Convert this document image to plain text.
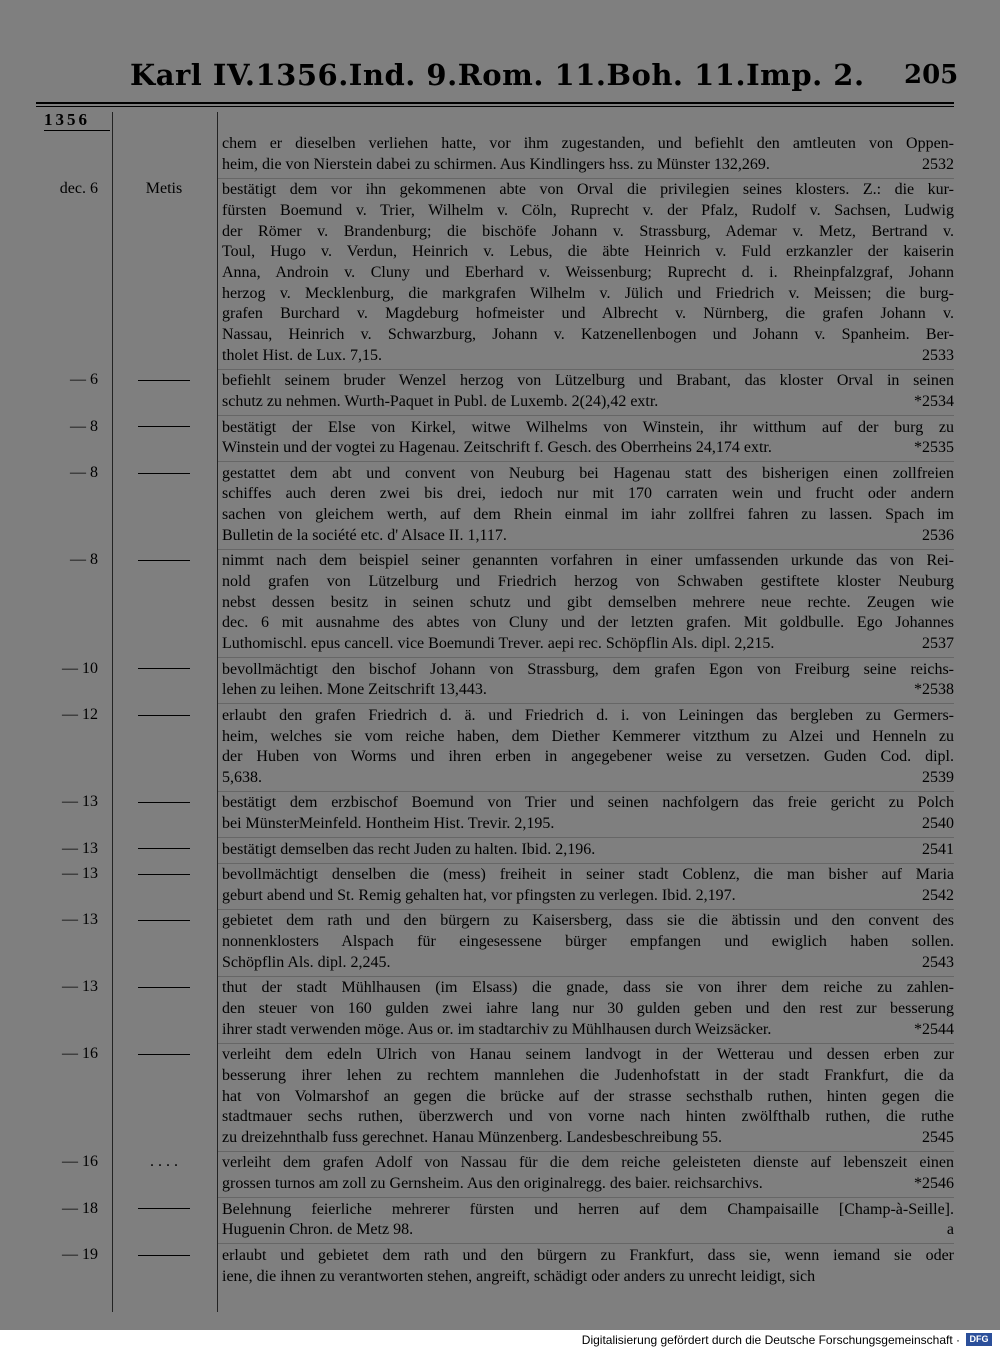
Karl IV. 1356. Ind. 9. Rom. 11. Boh. 11. Imp. 2. 205
1356
chem er dieselben verliehen hatte, vor ihm zugestanden, und befiehlt den amtleuten von Oppen-
heim, die von Nierstein dabei zu schirmen. Aus Kindlingers hss. zu Münster 132,269.	2532
dec. 6	Metis	bestätigt dem vor ihn gekommenen abte von Orval die privilegien seines klosters. Z.: die kur-
fürsten Boemund v. Trier, Wilhelm v. Cöln, Ruprecht v. der Pfalz, Rudolf v. Sachsen, Ludwig
der Römer v. Brandenburg; die bischöfe Johann v. Strassburg, Ademar v. Metz, Bertrand v.
Toul, Hugo v. Verdun, Heinrich v. Lebus, die äbte Heinrich v. Fuld erzkanzler der kaiserin
Anna, Androin v. Cluny und Eberhard v. Weissenburg; Ruprecht d. i. Rheinpfalzgraf, Johann
herzog v. Mecklenburg, die markgrafen Wilhelm v. Jülich und Friedrich v. Meissen; die burg-
grafen Burchard v. Magdeburg hofmeister und Albrecht v. Nürnberg, die grafen Johann v.
Nassau, Heinrich v. Schwarzburg, Johann v. Katzenellenbogen und Johann v. Spanheim. Ber-
tholet Hist. de Lux. 7,15.	2533
— 6	befiehlt seinem bruder Wenzel herzog von Lützelburg und Brabant, das kloster Orval in seinen
schutz zu nehmen. Wurth-Paquet in Publ. de Luxemb. 2(24),42 extr.	*2534
— 8	bestätigt der Else von Kirkel, witwe Wilhelms von Winstein, ihr witthum auf der burg zu
Winstein und der vogtei zu Hagenau. Zeitschrift f. Gesch. des Oberrheins 24,174 extr.	*2535
— 8	gestattet dem abt und convent von Neuburg bei Hagenau statt des bisherigen einen zollfreien
schiffes auch deren zwei bis drei, iedoch nur mit 170 carraten wein und frucht oder andern
sachen von gleichem werth, auf dem Rhein einmal im iahr zollfrei fahren zu lassen. Spach im
Bulletin de la société etc. d' Alsace II. 1,117.	2536
— 8	nimmt nach dem beispiel seiner genannten vorfahren in einer umfassenden urkunde das von Rei-
nold grafen von Lützelburg und Friedrich herzog von Schwaben gestiftete kloster Neuburg
nebst dessen besitz in seinen schutz und gibt demselben mehrere neue rechte. Zeugen wie
dec. 6 mit ausnahme des abtes von Cluny und der letzten grafen. Mit goldbulle. Ego Johannes
Luthomischl. epus cancell. vice Boemundi Trever. aepi rec. Schöpflin Als. dipl. 2,215.	2537
— 10	bevollmächtigt den bischof Johann von Strassburg, dem grafen Egon von Freiburg seine reichs-
lehen zu leihen. Mone Zeitschrift 13,443.	*2538
— 12	erlaubt den grafen Friedrich d. ä. und Friedrich d. i. von Leiningen das bergleben zu Germers-
heim, welches sie vom reiche haben, dem Diether Kemmerer vitzthum zu Alzei und Henneln zu
der Huben von Worms und ihren erben in angegebener weise zu versetzen. Guden Cod. dipl.
5,638.	2539
— 13	bestätigt dem erzbischof Boemund von Trier und seinen nachfolgern das freie gericht zu Polch
bei MünsterMeinfeld. Hontheim Hist. Trevir. 2,195.	2540
— 13	bestätigt demselben das recht Juden zu halten. Ibid. 2,196.	2541
— 13	bevollmächtigt denselben die (mess) freiheit in seiner stadt Coblenz, die man bisher auf Maria
geburt abend und St. Remig gehalten hat, vor pfingsten zu verlegen. Ibid. 2,197.	2542
— 13	gebietet dem rath und den bürgern zu Kaisersberg, dass sie die äbtissin und den convent des
nonnenklosters Alspach für eingesessene bürger empfangen und ewiglich haben sollen.
Schöpflin Als. dipl. 2,245.	2543
— 13	thut der stadt Mühlhausen (im Elsass) die gnade, dass sie von ihrer dem reiche zu zahlen-
den steuer von 160 gulden zwei iahre lang nur 30 gulden geben und den rest zur besserung
ihrer stadt verwenden möge. Aus or. im stadtarchiv zu Mühlhausen durch Weizsäcker.	*2544
— 16	verleiht dem edeln Ulrich von Hanau seinem landvogt in der Wetterau und dessen erben zur
besserung ihrer lehen zu rechtem mannlehen die Judenhofstatt in der stadt Frankfurt, die da
hat von Volmarshof an gegen die brücke auf der strasse sechsthalb ruthen, hinten gegen die
stadtmauer sechs ruthen, überzwerch und von vorne nach hinten zwölfthalb ruthen, die ruthe
zu dreizehnthalb fuss gerechnet. Hanau Münzenberg. Landesbeschreibung 55.	2545
— 16	. . . .	verleiht dem grafen Adolf von Nassau für die dem reiche geleisteten dienste auf lebenszeit einen
grossen turnos am zoll zu Gernsheim. Aus den originalregg. des baier. reichsarchivs.	*2546
— 18	Belehnung feierliche mehrerer fürsten und herren auf dem Champaisaille [Champ-à-Seille].
Huguenin Chron. de Metz 98.	a
— 19	erlaubt und gebietet dem rath und den bürgern zu Frankfurt, dass sie, wenn iemand sie oder
iene, die ihnen zu verantworten stehen, angreift, schädigt oder anders zu unrecht leidigt, sich
Digitalisierung gefördert durch die Deutsche Forschungsgemeinschaft ·	DFG
